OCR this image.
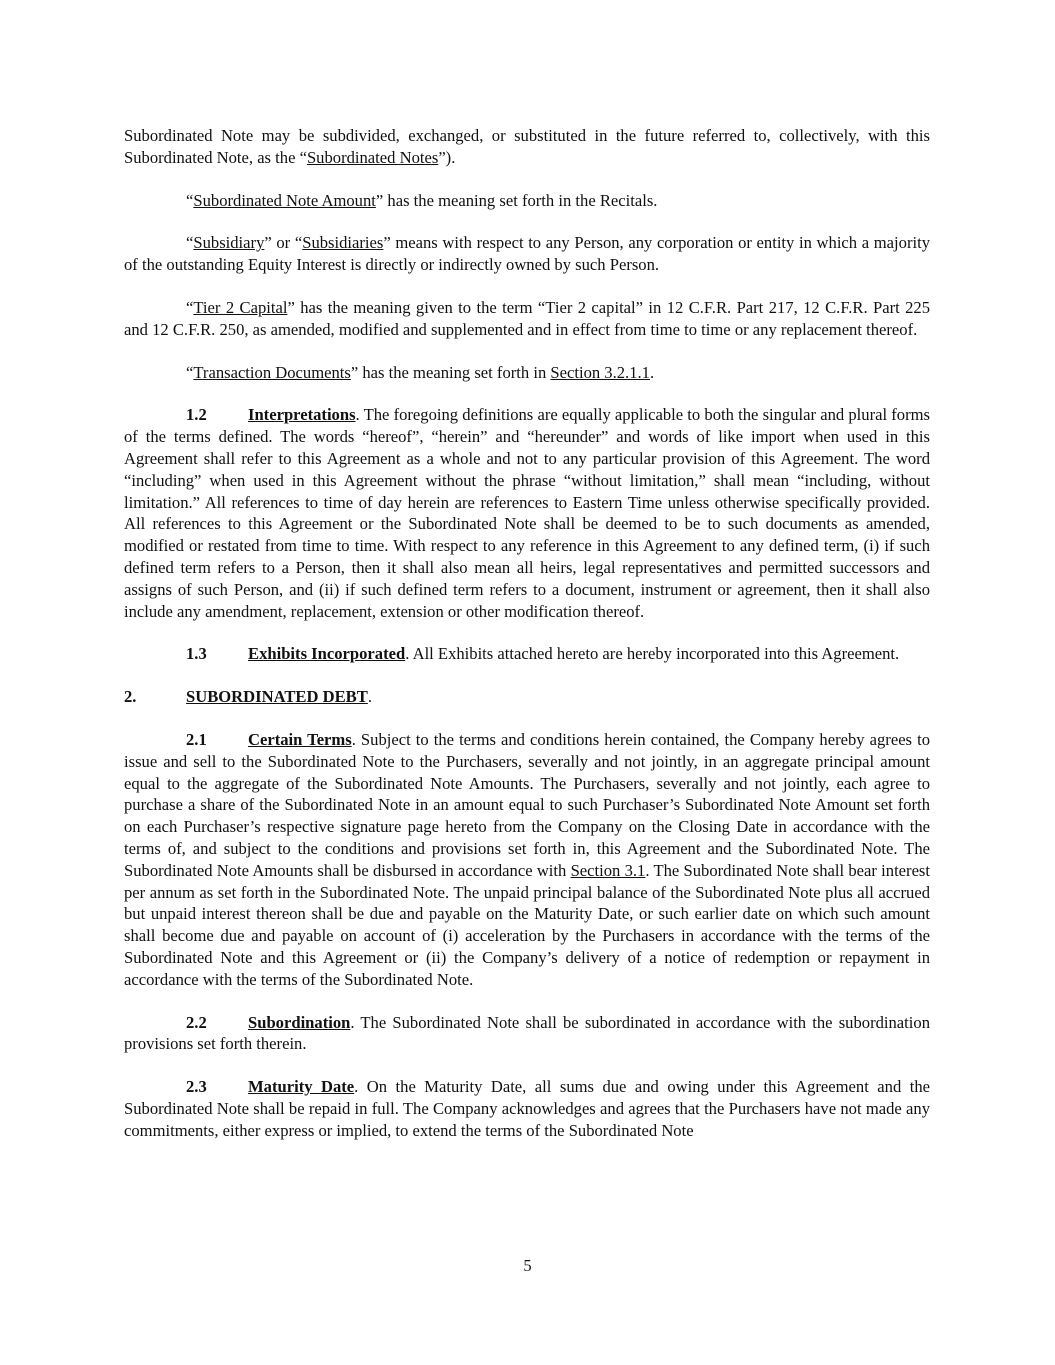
Subordinated Note may be subdivided, exchanged, or substituted in the future referred to, collectively, with this Subordinated Note, as the “Subordinated Notes”).

“Subordinated Note Amount” has the meaning set forth in the Recitals.

“Subsidiary” or “Subsidiaries” means with respect to any Person, any corporation or entity in which a majority of the outstanding Equity Interest is directly or indirectly owned by such Person.

“Tier 2 Capital” has the meaning given to the term “Tier 2 capital” in 12 C.F.R. Part 217, 12 C.F.R. Part 225 and 12 C.F.R. 250, as amended, modified and supplemented and in effect from time to time or any replacement thereof.

“Transaction Documents” has the meaning set forth in Section 3.2.1.1.

1.2 Interpretations. The foregoing definitions are equally applicable to both the singular and plural forms of the terms defined. The words “hereof”, “herein” and “hereunder” and words of like import when used in this Agreement shall refer to this Agreement as a whole and not to any particular provision of this Agreement. The word “including” when used in this Agreement without the phrase “without limitation,” shall mean “including, without limitation.” All references to time of day herein are references to Eastern Time unless otherwise specifically provided. All references to this Agreement or the Subordinated Note shall be deemed to be to such documents as amended, modified or restated from time to time. With respect to any reference in this Agreement to any defined term, (i) if such defined term refers to a Person, then it shall also mean all heirs, legal representatives and permitted successors and assigns of such Person, and (ii) if such defined term refers to a document, instrument or agreement, then it shall also include any amendment, replacement, extension or other modification thereof.

1.3 Exhibits Incorporated. All Exhibits attached hereto are hereby incorporated into this Agreement.

2.	SUBORDINATED DEBT.

2.1 Certain Terms. Subject to the terms and conditions herein contained, the Company hereby agrees to issue and sell to the Subordinated Note to the Purchasers, severally and not jointly, in an aggregate principal amount equal to the aggregate of the Subordinated Note Amounts. The Purchasers, severally and not jointly, each agree to purchase a share of the Subordinated Note in an amount equal to such Purchaser’s Subordinated Note Amount set forth on each Purchaser’s respective signature page hereto from the Company on the Closing Date in accordance with the terms of, and subject to the conditions and provisions set forth in, this Agreement and the Subordinated Note. The Subordinated Note Amounts shall be disbursed in accordance with Section 3.1. The Subordinated Note shall bear interest per annum as set forth in the Subordinated Note. The unpaid principal balance of the Subordinated Note plus all accrued but unpaid interest thereon shall be due and payable on the Maturity Date, or such earlier date on which such amount shall become due and payable on account of (i) acceleration by the Purchasers in accordance with the terms of the Subordinated Note and this Agreement or (ii) the Company’s delivery of a notice of redemption or repayment in accordance with the terms of the Subordinated Note.

2.2 Subordination. The Subordinated Note shall be subordinated in accordance with the subordination provisions set forth therein.

2.3 Maturity Date. On the Maturity Date, all sums due and owing under this Agreement and the Subordinated Note shall be repaid in full. The Company acknowledges and agrees that the Purchasers have not made any commitments, either express or implied, to extend the terms of the Subordinated Note

5
